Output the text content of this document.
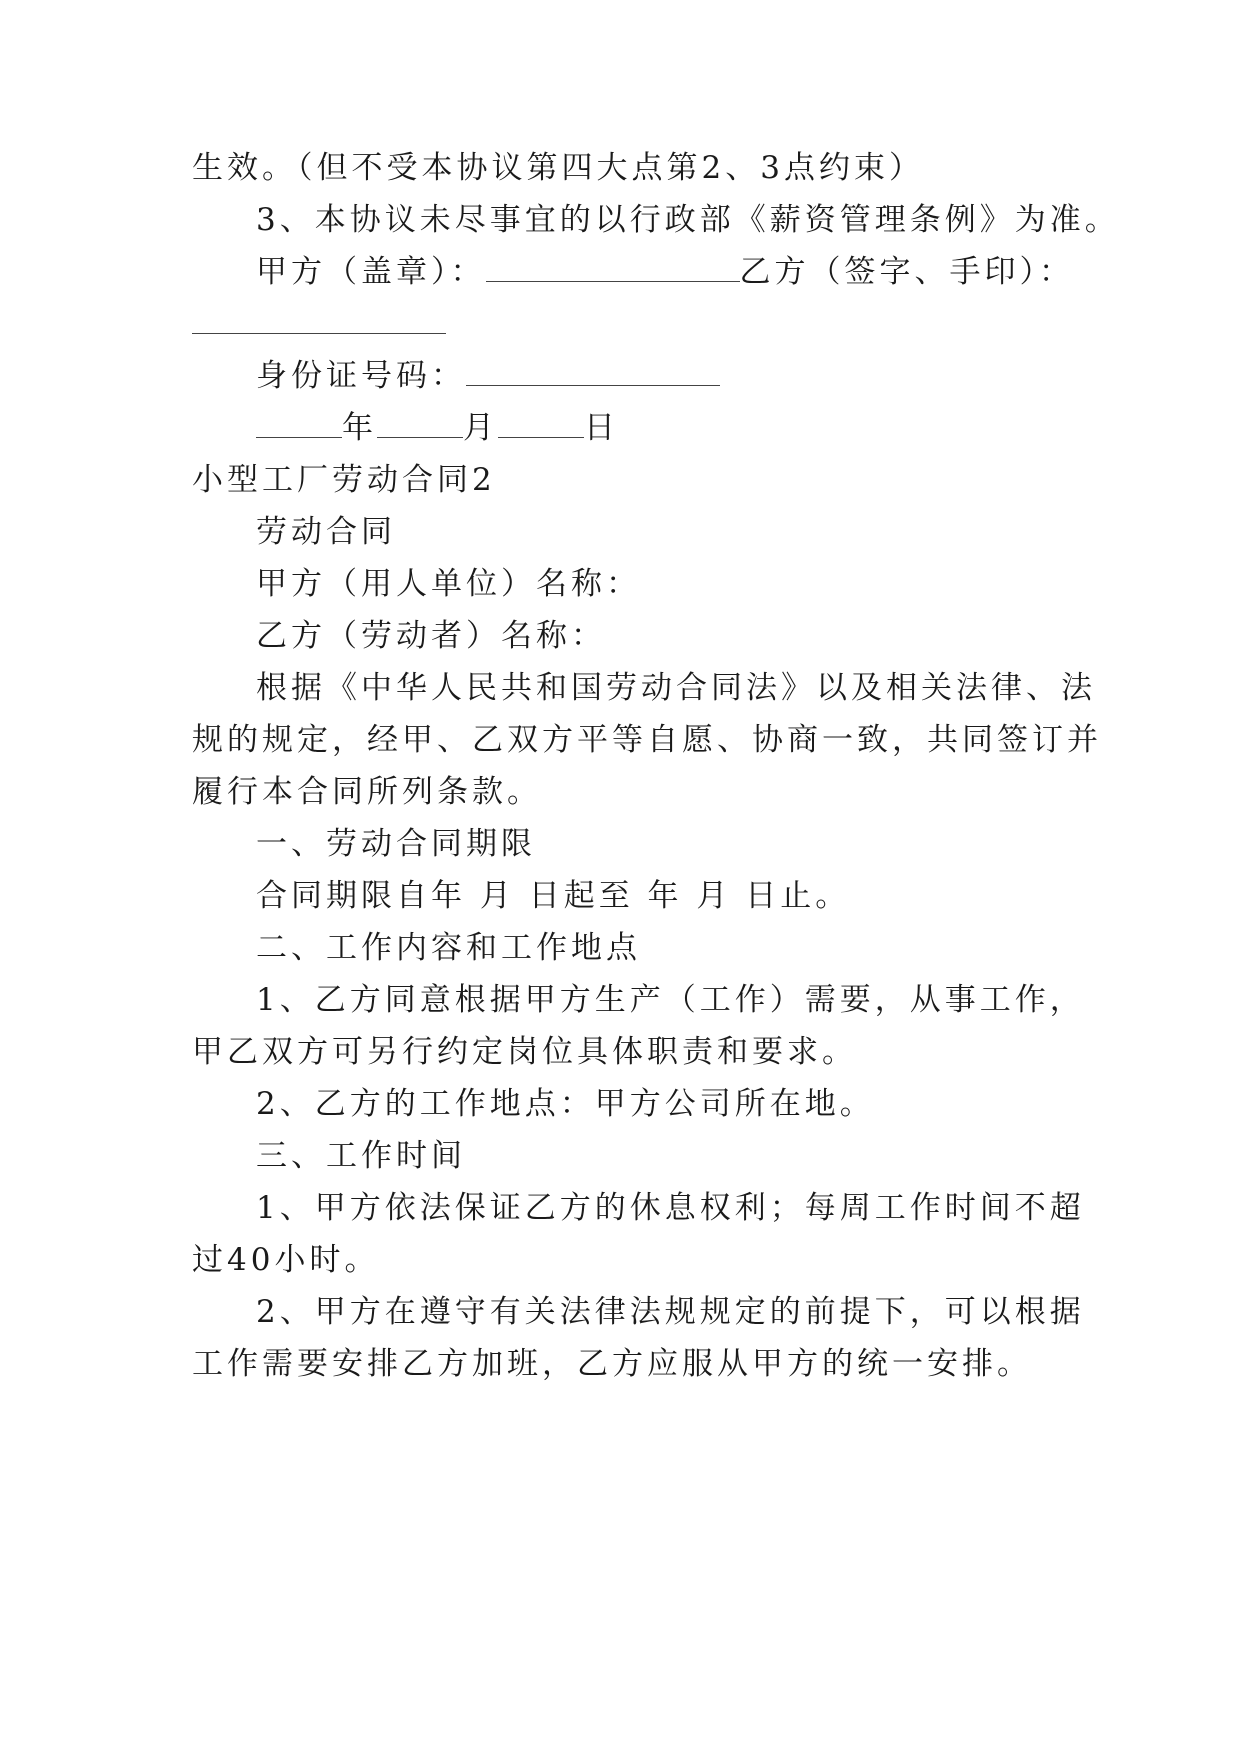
生效。（但不受本协议第四大点第2、3点约束）
3、本协议未尽事宜的以行政部《薪资管理条例》为准。
甲方（盖章）：	乙方（签字、手印）：
身份证号码：
年	月	日
小型工厂劳动合同2
劳动合同
甲方（用人单位）名称：
乙方（劳动者）名称：
根据《中华人民共和国劳动合同法》以及相关法律、法
规的规定，经甲、乙双方平等自愿、协商一致，共同签订并
履行本合同所列条款。
一、劳动合同期限
合同期限自年 月 日起至 年 月 日止。
二、工作内容和工作地点
1、乙方同意根据甲方生产（工作）需要，从事工作，
甲乙双方可另行约定岗位具体职责和要求。
2、乙方的工作地点：甲方公司所在地。
三、工作时间
1、甲方依法保证乙方的休息权利；每周工作时间不超
过40小时。
2、甲方在遵守有关法律法规规定的前提下，可以根据
工作需要安排乙方加班，乙方应服从甲方的统一安排。
